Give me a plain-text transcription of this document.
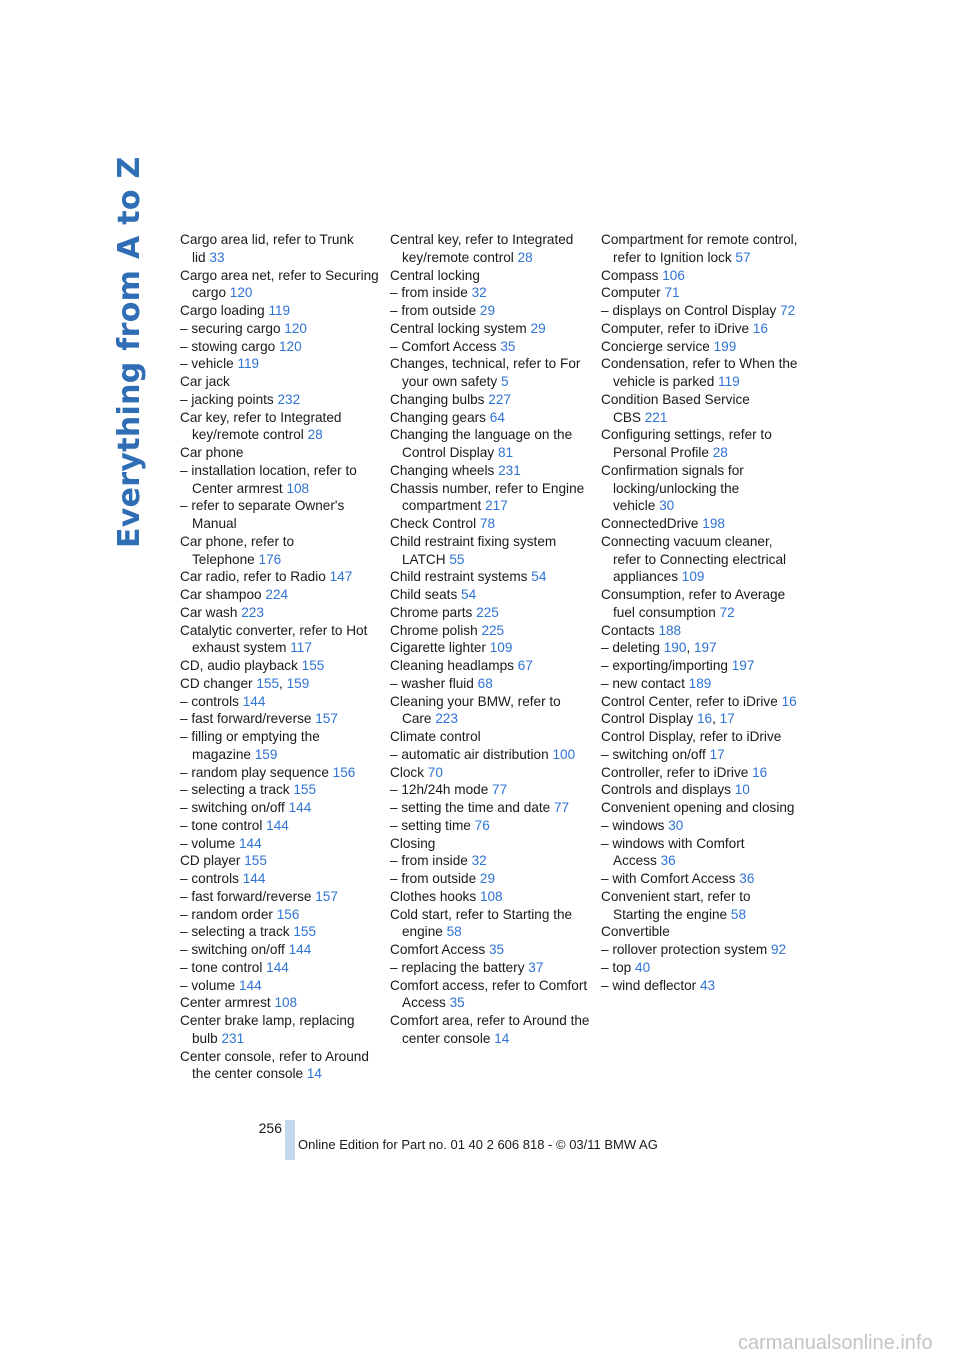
Everything from A to Z	Cargo area lid, refer to Trunk lid 33
Cargo area net, refer to Securing cargo 120
Cargo loading 119
– securing cargo 120
– stowing cargo 120
– vehicle 119
Car jack
– jacking points 232
Car key, refer to Integrated key/remote control 28
Car phone
– installation location, refer to Center armrest 108
– refer to separate Owner's Manual
Car phone, refer to Telephone 176
Car radio, refer to Radio 147
Car shampoo 224
Car wash 223
Catalytic converter, refer to Hot exhaust system 117
CD, audio playback 155
CD changer 155, 159
– controls 144
– fast forward/reverse 157
– filling or emptying the magazine 159
– random play sequence 156
– selecting a track 155
– switching on/off 144
– tone control 144
– volume 144
CD player 155
– controls 144
– fast forward/reverse 157
– random order 156
– selecting a track 155
– switching on/off 144
– tone control 144
– volume 144
Center armrest 108
Center brake lamp, replacing bulb 231
Center console, refer to Around the center console 14
Central key, refer to Integrated key/remote control 28
Central locking
– from inside 32
– from outside 29
Central locking system 29
– Comfort Access 35
Changes, technical, refer to For your own safety 5
Changing bulbs 227
Changing gears 64
Changing the language on the Control Display 81
Changing wheels 231
Chassis number, refer to Engine compartment 217
Check Control 78
Child restraint fixing system LATCH 55
Child restraint systems 54
Child seats 54
Chrome parts 225
Chrome polish 225
Cigarette lighter 109
Cleaning headlamps 67
– washer fluid 68
Cleaning your BMW, refer to Care 223
Climate control
– automatic air distribution 100
Clock 70
– 12h/24h mode 77
– setting the time and date 77
– setting time 76
Closing
– from inside 32
– from outside 29
Clothes hooks 108
Cold start, refer to Starting the engine 58
Comfort Access 35
– replacing the battery 37
Comfort access, refer to Comfort Access 35
Comfort area, refer to Around the center console 14
Compartment for remote control, refer to Ignition lock 57
Compass 106
Computer 71
– displays on Control Display 72
Computer, refer to iDrive 16
Concierge service 199
Condensation, refer to When the vehicle is parked 119
Condition Based Service CBS 221
Configuring settings, refer to Personal Profile 28
Confirmation signals for locking/unlocking the vehicle 30
ConnectedDrive 198
Connecting vacuum cleaner, refer to Connecting electrical appliances 109
Consumption, refer to Average fuel consumption 72
Contacts 188
– deleting 190, 197
– exporting/importing 197
– new contact 189
Control Center, refer to iDrive 16
Control Display 16, 17
Control Display, refer to iDrive
– switching on/off 17
Controller, refer to iDrive 16
Controls and displays 10
Convenient opening and closing
– windows 30
– windows with Comfort Access 36
– with Comfort Access 36
Convenient start, refer to Starting the engine 58
Convertible
– rollover protection system 92
– top 40
– wind deflector 43
256
Online Edition for Part no. 01 40 2 606 818 - © 03/11 BMW AG
carmanualsonline.info
